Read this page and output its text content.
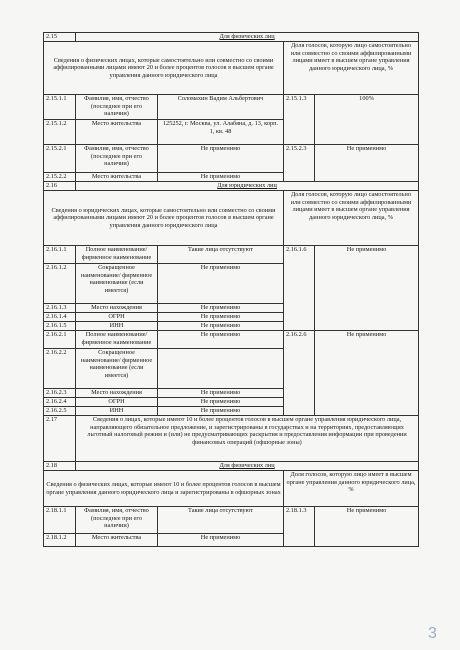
2.15	Для физических лиц			
Сведения о физических лицах, которые самостоятельно или совместно со своими аффилированными лицами имеют 20 и более процентов голосов в высшем органе управления данного юридического лица			Доля голосов, которую лицо самостоятельно или совместно со своими аффилированными лицами имеет в высшем органе управления данного юридического лица, %	
2.15.1.1	Фамилия, имя, отчество (последнее при его наличии)	Соломахин Вадим Альбертович	2.15.1.3	100%
2.15.1.2	Место жительства	125252, г. Москва, ул. Алабяна, д. 13, корп. 1, кв. 48		
2.15.2.1	Фамилия, имя, отчество (последнее при его наличии)	Не применимо	2.15.2.3	Не применимо
2.15.2.2	Место жительства	Не применимо		
2.16	Для юридических лиц			
Сведения о юридических лицах, которые самостоятельно или совместно со своими аффилированными лицами имеют 20 и более процентов голосов в высшем органе управления данного юридического лица			Доля голосов, которую лицо самостоятельно или совместно со своими аффилированными лицами имеет в высшем органе управления данного юридического лица, %	
2.16.1.1	Полное наименование/ фирменное наименование	Такие лица отсутствуют	2.16.1.6	Не применимо
2.16.1.2	Сокращенное наименование/ фирменное наименование (если имеется)	Не применимо		
2.16.1.3	Место нахождения	Не применимо		
2.16.1.4	ОГРН	Не применимо		
2.16.1.5	ИНН	Не применимо		
2.16.2.1	Полное наименование/ фирменное наименование	Не применимо	2.16.2.6	Не применимо
2.16.2.2	Сокращенное наименование/ фирменное наименование (если имеется)			
2.16.2.3	Место нахождения	Не применимо		
2.16.2.4	ОГРН	Не применимо		
2.16.2.5	ИНН	Не применимо		
2.17	Сведения о лицах, которые имеют 10 и более процентов голосов в высшем органе управления юридического лица, направляющего обязательное предложение, и зарегистрированы в государствах и на территориях, предоставляющих льготный налоговый режим и (или) не предусматривающих раскрытия и предоставления информации при проведении финансовых операций (офшорные зоны)			
2.18	Для физических лиц			
Сведения о физических лицах, которые имеют 10 и более процентов голосов в высшем органе управления данного юридического лица и зарегистрированы в офшорных зонах			Доля голосов, которую лицо имеет в высшем органе управления данного юридического лица, %	
2.18.1.1	Фамилия, имя, отчество (последнее при его наличии)	Такие лица отсутствуют	2.18.1.3	Не применимо
2.18.1.2	Место жительства	Не применимо		
3
